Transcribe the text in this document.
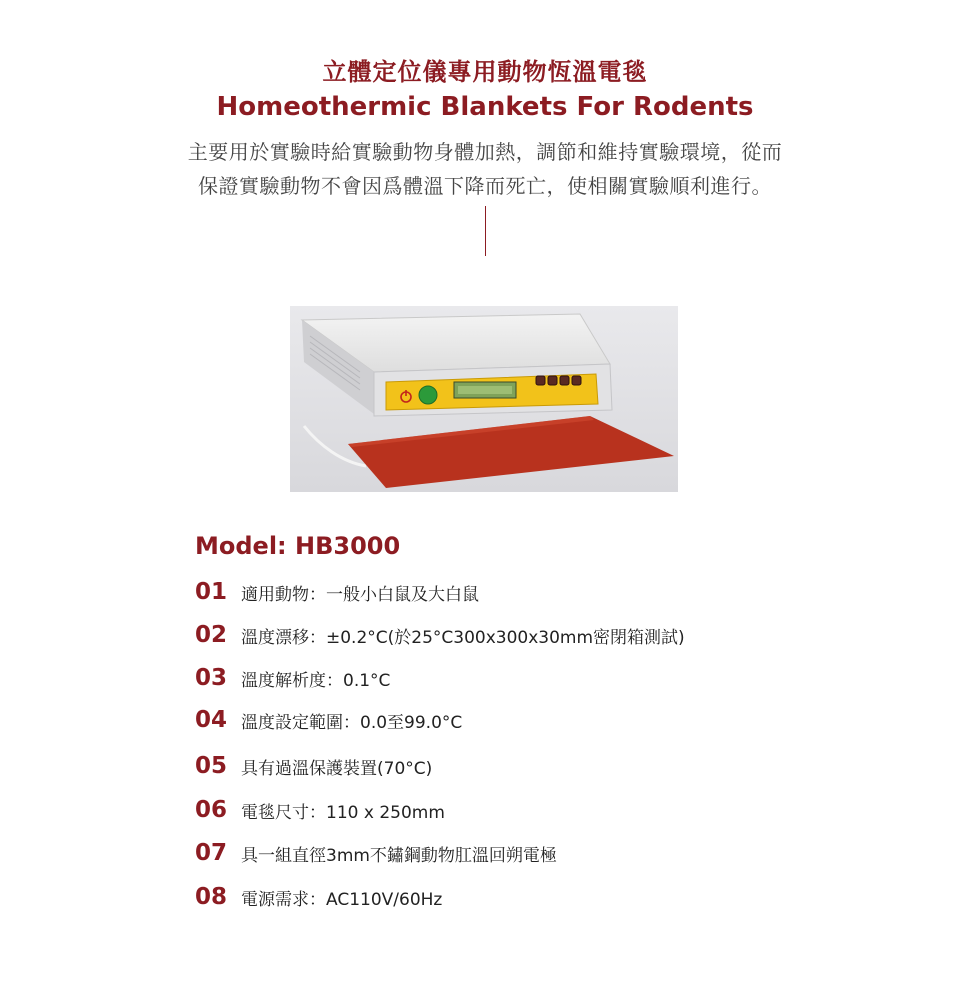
立體定位儀專用動物恆溫電毯
Homeothermic Blankets For Rodents
主要用於實驗時給實驗動物身體加熱，調節和維持實驗環境，從而
保證實驗動物不會因爲體溫下降而死亡，使相關實驗順利進行。
Model: HB3000
01 適用動物：一般小白鼠及大白鼠
02 溫度漂移：±0.2°C(於25°C300x300x30mm密閉箱測試)
03 溫度解析度：0.1°C
04 溫度設定範圍：0.0至99.0°C
05 具有過溫保護裝置(70°C)
06 電毯尺寸：110 x 250mm
07 具一組直徑3mm不鏽鋼動物肛溫回朔電極
08 電源需求：AC110V/60Hz
